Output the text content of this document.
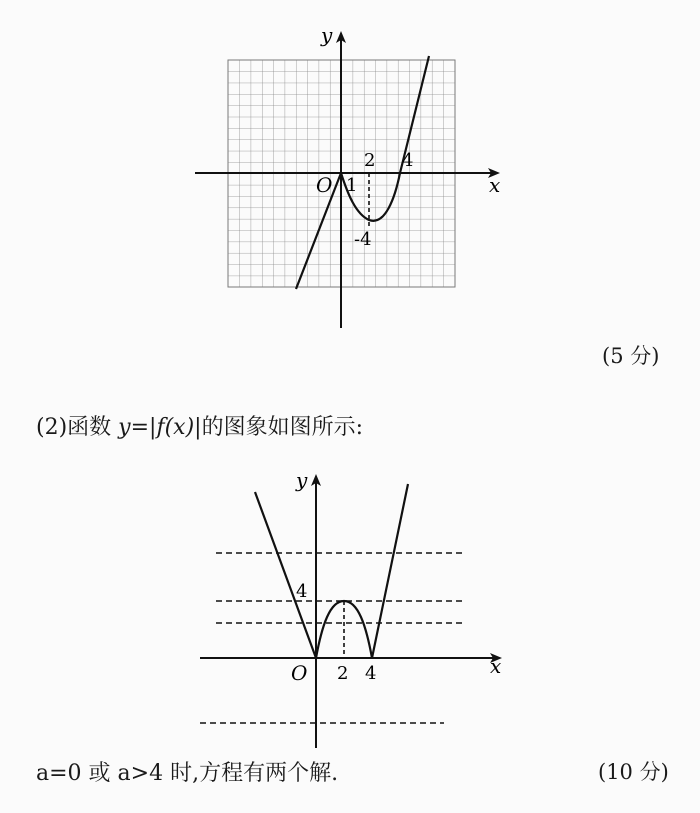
y
x
O 1
2 4
-4
(5 分)
(2)函数 y=|f(x)|的图象如图所示:
y
x
O
4
2 4
a=0 或 a>4 时,方程有两个解.	(10 分)
